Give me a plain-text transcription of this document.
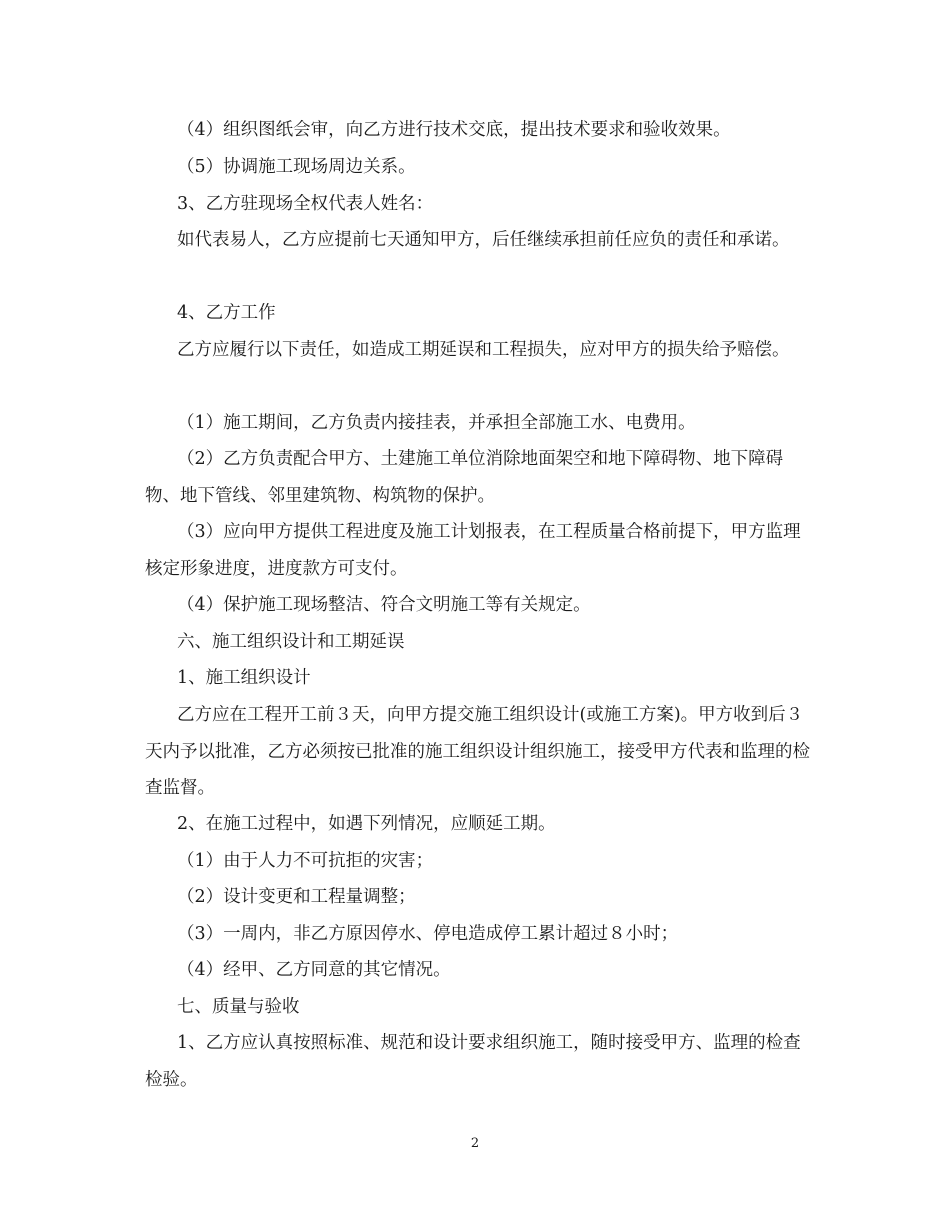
（4）组织图纸会审，向乙方进行技术交底，提出技术要求和验收效果。

（5）协调施工现场周边关系。

3、乙方驻现场全权代表人姓名：

如代表易人，乙方应提前七天通知甲方，后任继续承担前任应负的责任和承诺。

4、乙方工作

乙方应履行以下责任，如造成工期延误和工程损失，应对甲方的损失给予赔偿。

（1）施工期间，乙方负责内接挂表，并承担全部施工水、电费用。

（2）乙方负责配合甲方、土建施工单位消除地面架空和地下障碍物、地下障碍物、地下管线、邻里建筑物、构筑物的保护。

（3）应向甲方提供工程进度及施工计划报表，在工程质量合格前提下，甲方监理核定形象进度，进度款方可支付。

（4）保护施工现场整洁、符合文明施工等有关规定。

六、施工组织设计和工期延误

1、施工组织设计

乙方应在工程开工前３天，向甲方提交施工组织设计(或施工方案)。甲方收到后３天内予以批准，乙方必须按已批准的施工组织设计组织施工，接受甲方代表和监理的检查监督。

2、在施工过程中，如遇下列情况，应顺延工期。

（1）由于人力不可抗拒的灾害；

（2）设计变更和工程量调整；

（3）一周内，非乙方原因停水、停电造成停工累计超过８小时；

（4）经甲、乙方同意的其它情况。

七、质量与验收

1、乙方应认真按照标准、规范和设计要求组织施工，随时接受甲方、监理的检查检验。

2
